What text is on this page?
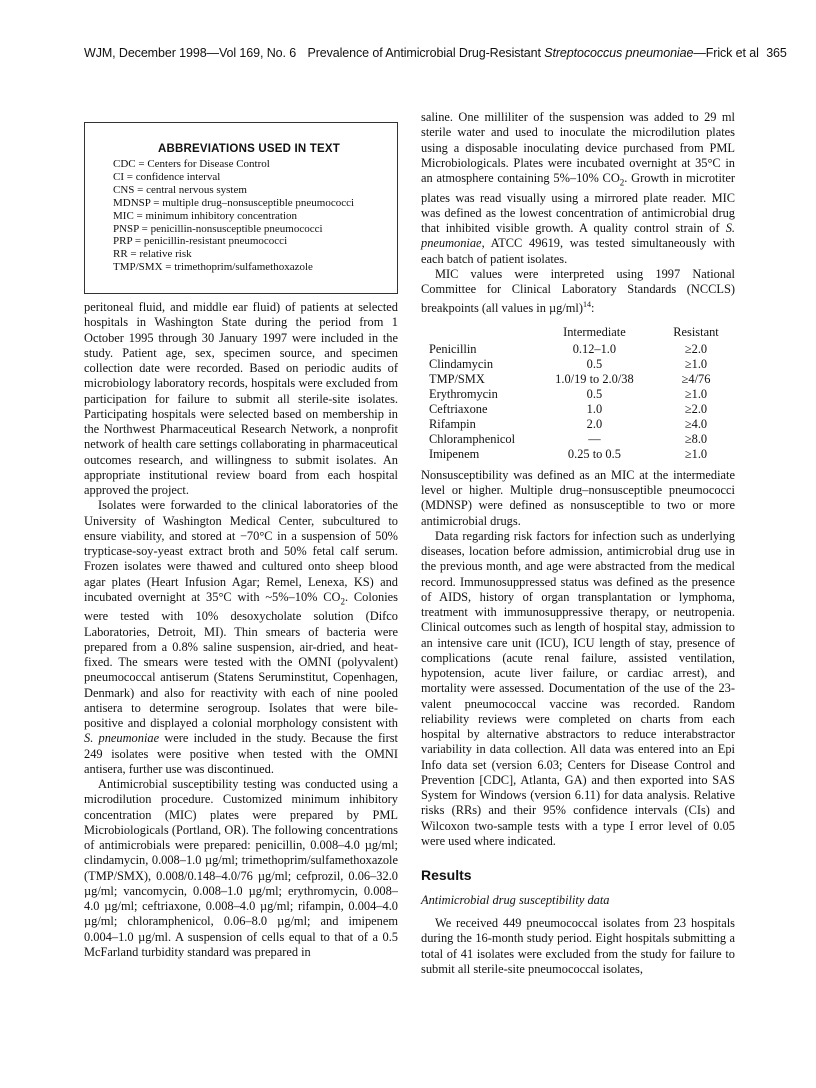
WJM, December 1998—Vol 169, No. 6 Prevalence of Antimicrobial Drug-Resistant Streptococcus pneumoniae—Frick et al 365
ABBREVIATIONS USED IN TEXT
CDC = Centers for Disease Control
CI = confidence interval
CNS = central nervous system
MDNSP = multiple drug–nonsusceptible pneumococci
MIC = minimum inhibitory concentration
PNSP = penicillin-nonsusceptible pneumococci
PRP = penicillin-resistant pneumococci
RR = relative risk
TMP/SMX = trimethoprim/sulfamethoxazole

peritoneal fluid, and middle ear fluid) of patients at selected hospitals in Washington State during the period from 1 October 1995 through 30 January 1997 were included in the study. Patient age, sex, specimen source, and specimen collection date were recorded. Based on periodic audits of microbiology laboratory records, hospitals were excluded from participation for failure to submit all sterile-site isolates. Participating hospitals were selected based on membership in the Northwest Pharmaceutical Research Network, a nonprofit network of health care settings collaborating in pharmaceutical outcomes research, and willingness to submit isolates. An appropriate institutional review board from each hospital approved the project.

Isolates were forwarded to the clinical laboratories of the University of Washington Medical Center, subcultured to ensure viability, and stored at −70°C in a suspension of 50% trypticase-soy-yeast extract broth and 50% fetal calf serum. Frozen isolates were thawed and cultured onto sheep blood agar plates (Heart Infusion Agar; Remel, Lenexa, KS) and incubated overnight at 35°C with ~5%–10% $CO_2$. Colonies were tested with 10% desoxycholate solution (Difco Laboratories, Detroit, MI). Thin smears of bacteria were prepared from a 0.8% saline suspension, air-dried, and heat-fixed. The smears were tested with the OMNI (polyvalent) pneumococcal antiserum (Statens Seruminstitut, Copenhagen, Denmark) and also for reactivity with each of nine pooled antisera to determine serogroup. Isolates that were bile-positive and displayed a colonial morphology consistent with S. pneumoniae were included in the study. Because the first 249 isolates were positive when tested with the OMNI antisera, further use was discontinued.

Antimicrobial susceptibility testing was conducted using a microdilution procedure. Customized minimum inhibitory concentration (MIC) plates were prepared by PML Microbiologicals (Portland, OR). The following concentrations of antimicrobials were prepared: penicillin, 0.008–4.0 µg/ml; clindamycin, 0.008–1.0 µg/ml; trimethoprim/sulfamethoxazole (TMP/SMX), 0.008/0.148–4.0/76 µg/ml; cefprozil, 0.06–32.0 µg/ml; vancomycin, 0.008–1.0 µg/ml; erythromycin, 0.008–4.0 µg/ml; ceftriaxone, 0.008–4.0 µg/ml; rifampin, 0.004–4.0 µg/ml; chloramphenicol, 0.06–8.0 µg/ml; and imipenem 0.004–1.0 µg/ml. A suspension of cells equal to that of a 0.5 McFarland turbidity standard was prepared in

saline. One milliliter of the suspension was added to 29 ml sterile water and used to inoculate the microdilution plates using a disposable inoculating device purchased from PML Microbiologicals. Plates were incubated overnight at 35°C in an atmosphere containing 5%–10% $CO_2$. Growth in microtiter plates was read visually using a mirrored plate reader. MIC was defined as the lowest concentration of antimicrobial drug that inhibited visible growth. A quality control strain of S. pneumoniae, ATCC 49619, was tested simultaneously with each batch of patient isolates.

MIC values were interpreted using 1997 National Committee for Clinical Laboratory Standards (NCCLS) breakpoints (all values in µg/ml)$^{14}$:

	Intermediate	Resistant
Penicillin	0.12–1.0	≥2.0
Clindamycin	0.5	≥1.0
TMP/SMX	1.0/19 to 2.0/38	≥4/76
Erythromycin	0.5	≥1.0
Ceftriaxone	1.0	≥2.0
Rifampin	2.0	≥4.0
Chloramphenicol	—	≥8.0
Imipenem	0.25 to 0.5	≥1.0

Nonsusceptibility was defined as an MIC at the intermediate level or higher. Multiple drug–nonsusceptible pneumococci (MDNSP) were defined as nonsusceptible to two or more antimicrobial drugs.

Data regarding risk factors for infection such as underlying diseases, location before admission, antimicrobial drug use in the previous month, and age were abstracted from the medical record. Immunosuppressed status was defined as the presence of AIDS, history of organ transplantation or lymphoma, treatment with immunosuppressive therapy, or neutropenia. Clinical outcomes such as length of hospital stay, admission to an intensive care unit (ICU), ICU length of stay, presence of complications (acute renal failure, assisted ventilation, hypotension, acute liver failure, or cardiac arrest), and mortality were assessed. Documentation of the use of the 23-valent pneumococcal vaccine was recorded. Random reliability reviews were completed on charts from each hospital by alternative abstractors to reduce interabstractor variability in data collection. All data was entered into an Epi Info data set (version 6.03; Centers for Disease Control and Prevention [CDC], Atlanta, GA) and then exported into SAS System for Windows (version 6.11) for data analysis. Relative risks (RRs) and their 95% confidence intervals (CIs) and Wilcoxon two-sample tests with a type I error level of 0.05 were used where indicated.

Results
Antimicrobial drug susceptibility data

We received 449 pneumococcal isolates from 23 hospitals during the 16-month study period. Eight hospitals submitting a total of 41 isolates were excluded from the study for failure to submit all sterile-site pneumococcal isolates,
